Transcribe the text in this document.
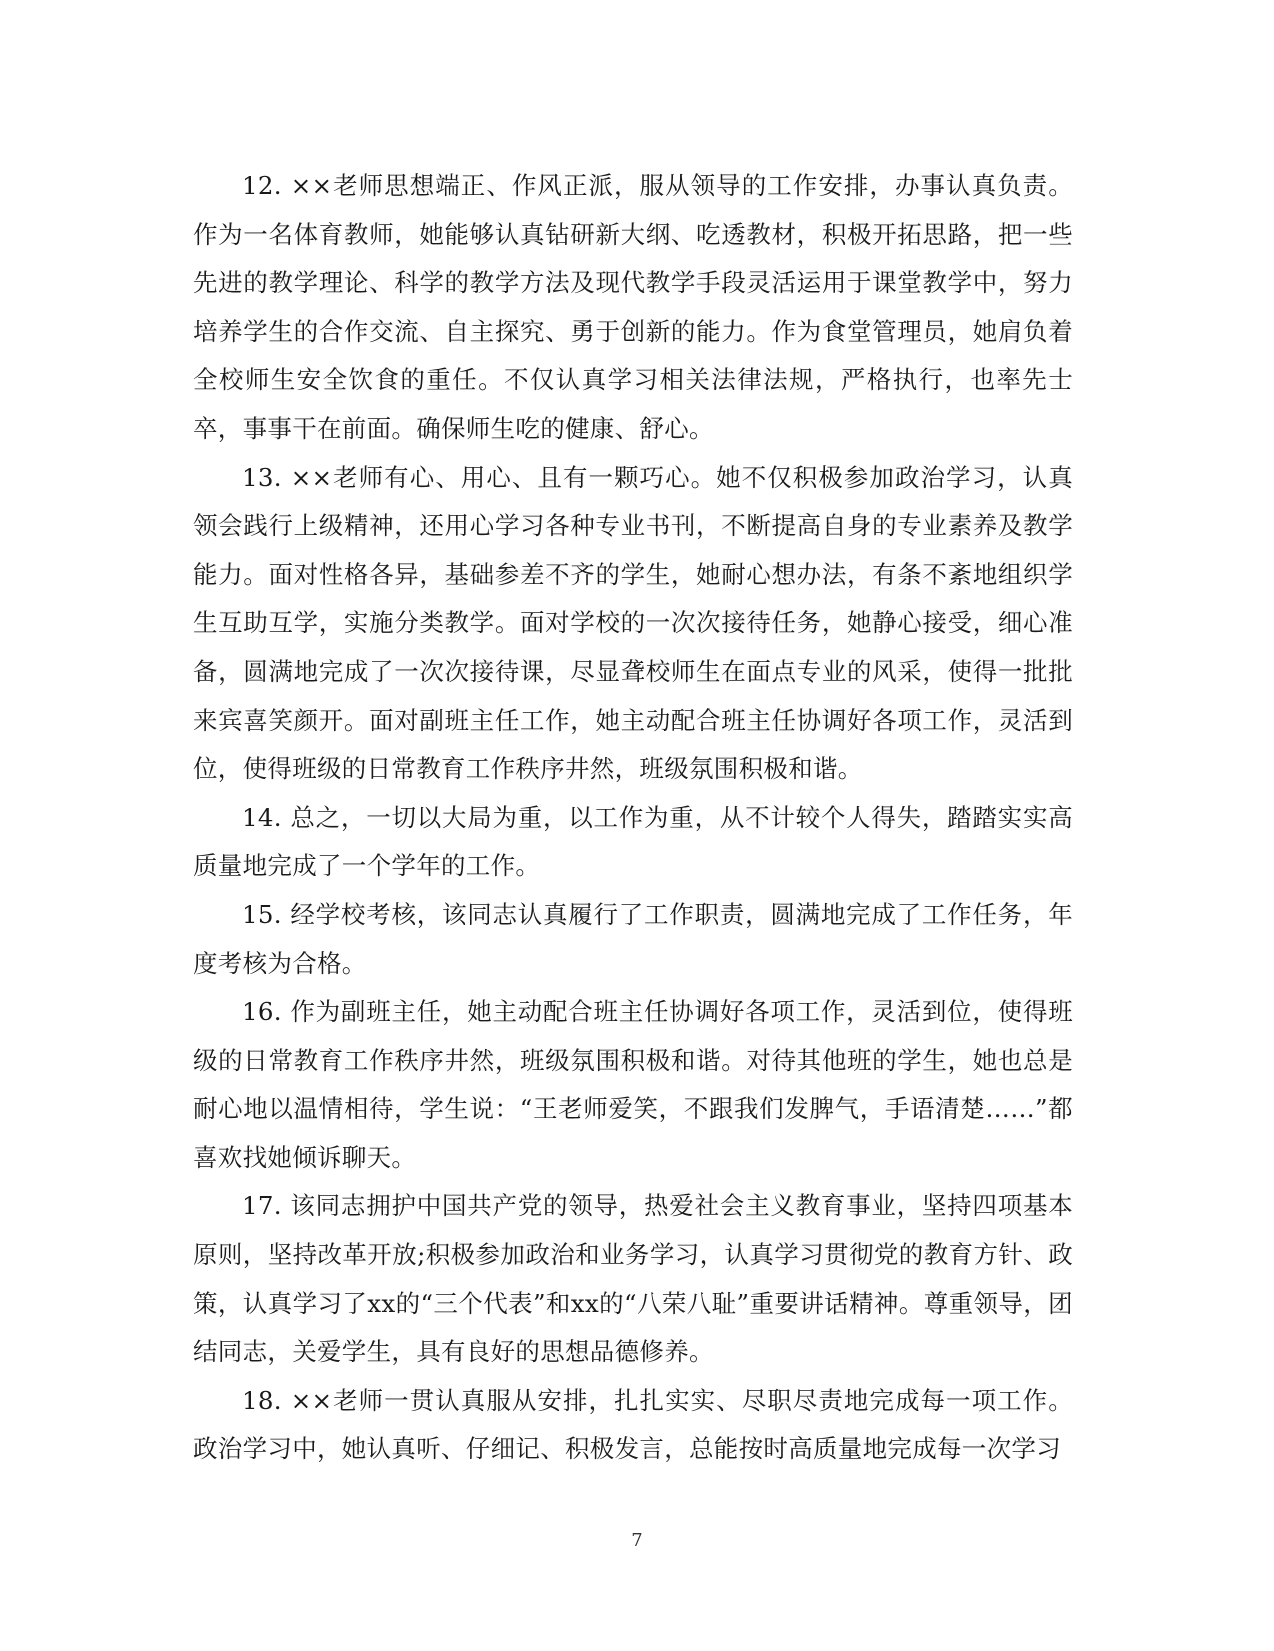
12. ××老师思想端正、作风正派，服从领导的工作安排，办事认真负责。作为一名体育教师，她能够认真钻研新大纲、吃透教材，积极开拓思路，把一些先进的教学理论、科学的教学方法及现代教学手段灵活运用于课堂教学中，努力培养学生的合作交流、自主探究、勇于创新的能力。作为食堂管理员，她肩负着全校师生安全饮食的重任。不仅认真学习相关法律法规，严格执行，也率先士卒，事事干在前面。确保师生吃的健康、舒心。

13. ××老师有心、用心、且有一颗巧心。她不仅积极参加政治学习，认真领会践行上级精神，还用心学习各种专业书刊，不断提高自身的专业素养及教学能力。面对性格各异，基础参差不齐的学生，她耐心想办法，有条不紊地组织学生互助互学，实施分类教学。面对学校的一次次接待任务，她静心接受，细心准备，圆满地完成了一次次接待课，尽显聋校师生在面点专业的风采，使得一批批来宾喜笑颜开。面对副班主任工作，她主动配合班主任协调好各项工作，灵活到位，使得班级的日常教育工作秩序井然，班级氛围积极和谐。

14. 总之，一切以大局为重，以工作为重，从不计较个人得失，踏踏实实高质量地完成了一个学年的工作。

15. 经学校考核，该同志认真履行了工作职责，圆满地完成了工作任务，年度考核为合格。

16. 作为副班主任，她主动配合班主任协调好各项工作，灵活到位，使得班级的日常教育工作秩序井然，班级氛围积极和谐。对待其他班的学生，她也总是耐心地以温情相待，学生说：“王老师爱笑，不跟我们发脾气，手语清楚……”都喜欢找她倾诉聊天。

17. 该同志拥护中国共产党的领导，热爱社会主义教育事业，坚持四项基本原则，坚持改革开放;积极参加政治和业务学习，认真学习贯彻党的教育方针、政策，认真学习了xx的“三个代表”和xx的“八荣八耻”重要讲话精神。尊重领导，团结同志，关爱学生，具有良好的思想品德修养。

18. ××老师一贯认真服从安排，扎扎实实、尽职尽责地完成每一项工作。政治学习中，她认真听、仔细记、积极发言，总能按时高质量地完成每一次学习

7
